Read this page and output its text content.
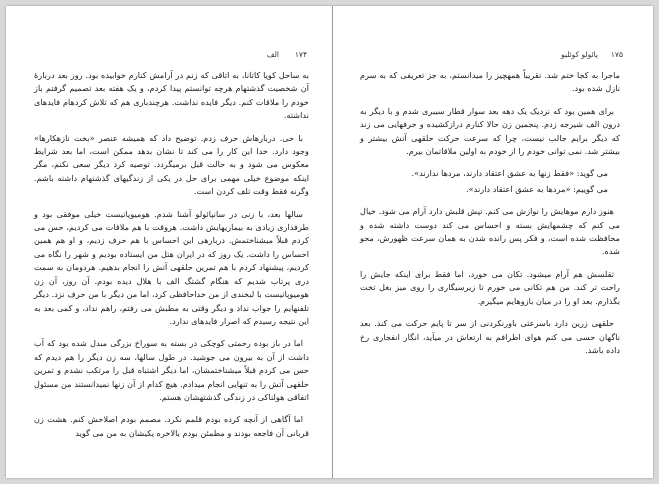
۱۷۴
الف

به ساحل کویا کاتانا، به اتاقی که زنم در آرامش کنارم خوابیده بود. روز بعد دربارهٔ آن شخصیت گذشتهام هرچه توانستم پیدا کردم، و یک هفته بعد تصمیم گرفتم باز خودم را ملاقات کنم. دیگر فایده نداشت. هرچندباری هم که تلاش کردهام فایدهای نداشته.

با حی. دربارهاش حرف زدم. توضیح داد که همیشه عنصر «بخت نازهکارها» وجود دارد. خدا این کار را می کند تا نشان بدهد ممکن است، اما بعد شرایط معکوس می شود و به حالت قبل برمیگردد. توصیه کرد دیگر سعی نکنم، مگر اینکه موضوع خیلی مهمی برای حل در یکی از زندگیهای گذشتهام داشته باشم. وگرنه فقط وقت تلف کردن است.

سالها بعد، با زنی در سانپائولو آشنا شدم. هومیوپاتیست خیلی موفقی بود و طرفداری زیادی به بیماریهایش داشت. هروقت با هم ملاقات می کردیم، حس می کردم قبلاً میشناختمش. دربارهی این احساس با هم حرف زدیم، و او هم همین احساس را داشت. یک روز که در ایران هتل من ایستاده بودیم و شهر را نگاه می کردیم، پیشنهاد کردم با هم تمرین حلقهی آتش را انجام بدهیم. هردومان به سمت دری پرتاب شدیم که هنگام گشتگ الف با هلال دیده بودم. آن روز، آن زن هومیوپاتیست با لبخندی از من خداحافظی کرد، اما من دیگر با من حرف نزد. دیگر تلفنهایم را جواب نداد و دیگر وقتی به مطبش می رفتم، راهم نداد، و کمی بعد به این نتیجه رسیدم که اصرار فایدهای ندارد.

اما در باز بوده رحمتی کوچکی در بسته به سوراخ بزرگی مبدل شده بود که آب داشت از آن به بیرون می جوشید. در طول سالها، سه زن دیگر را هم دیدم که حس می کردم قبلاً میشناختمشان، اما دیگر اشتباه قبل را مرتکب نشدم و تمرین حلقهی آتش را به تنهایی انجام میدادم. هیچ کدام از آن زنها نمیدانستند من مسئول اتفاقی هولناکی در زندگی گذشتهشان هستم.

اما آگاهی از آنچه کرده بودم قلمم نکرد. مصمم بودم اصلاحش کنم. هشت زن قربانی آن فاجعه بودند و مطمئن بودم بالاخره یکیشان به من می گوید

۱۷۵
پائولو کوئلیو

ماجرا به کجا ختم شد. تقریباً همهچیز را میدانستم، به جز تعریفی که به سرم نازل شده بود.

برای همین بود که نزدیک یک دهه بعد سوار قطار سیبری شدم و با دیگر به درون الف شیرجه زدم. پنجمین زن حالا کنارم درازکشیده و حرفهایی می زند که دیگر برایم جالب نیست، چرا که سرعت حرکت حلقهی آتش بیشتر و بیشتر شد. نمی توانی خودم را از خودم به اولین ملاقاتمان بیرم.

می گوید: «فقط زنها به عشق اعتقاد دارند، مردها ندارند».

می گوییم: «مردها به عشق اعتقاد دارند».

هنوز دارم موهایش را نوازش می کنم. تپش قلبش دارد آرام می شود. خیال می کنم که چشمهایش بسته و احساس می کند دوست داشته شده و محافظت شده است، و فکر پس رانده شدن به همان سرعت ظهورش، محو شده.

تقلسش هم آرام میشود. تکان می خورد، اما فقط برای اینکه جایش را راحت تر کند. من هم تکانی می خورم تا زیرسیگاری را روی میز بغل تخت بگذارم. بعد او را در میان بازوهایم میگیرم.

حلقهی زرین دارد باسرعتی باورنکردنی از سر تا پایم حرکت می کند. بعد ناگهان حسی می کنم هوای اطرافم به ارتعاش در میآید، انگار انفجاری رخ داده باشد.
